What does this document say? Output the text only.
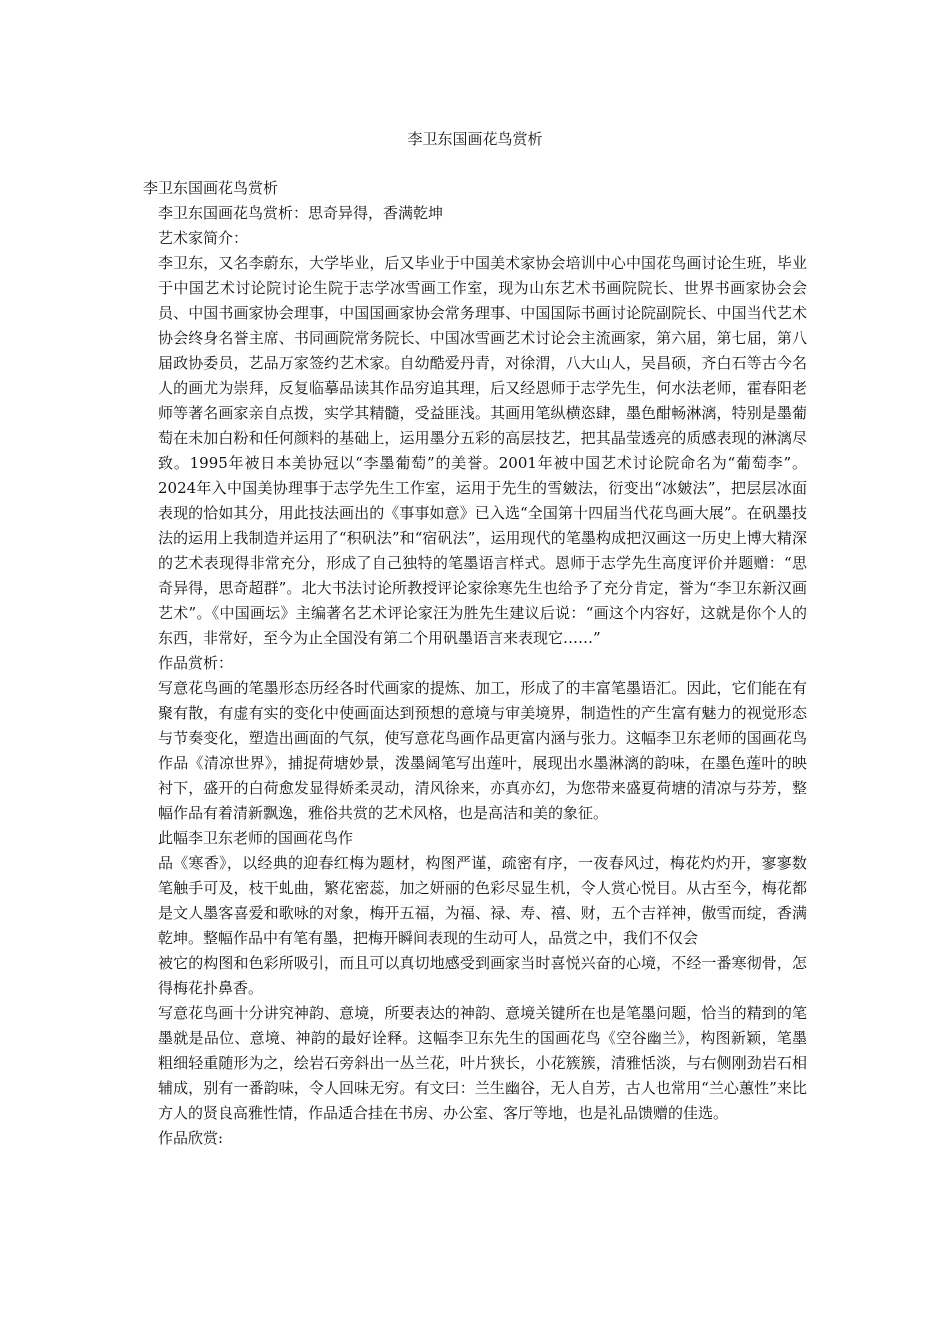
李卫东国画花鸟赏析

李卫东国画花鸟赏析

李卫东国画花鸟赏析：思奇异得，香满乾坤

艺术家简介：

李卫东，又名李蔚东，大学毕业，后又毕业于中国美术家协会培训中心中国花鸟画讨论生班，毕业于中国艺术讨论院讨论生院于志学冰雪画工作室，现为山东艺术书画院院长、世界书画家协会会员、中国书画家协会理事，中国国画家协会常务理事、中国国际书画讨论院副院长、中国当代艺术协会终身名誉主席、书同画院常务院长、中国冰雪画艺术讨论会主流画家，第六届，第七届，第八届政协委员，艺品万家签约艺术家。自幼酷爱丹青，对徐渭，八大山人，吴昌硕，齐白石等古今名人的画尤为崇拜，反复临摹品读其作品穷追其理，后又经恩师于志学先生，何水法老师，霍春阳老师等著名画家亲自点拨，实学其精髓，受益匪浅。其画用笔纵横恣肆，墨色酣畅淋漓，特别是墨葡萄在未加白粉和任何颜料的基础上，运用墨分五彩的高层技艺，把其晶莹透亮的质感表现的淋漓尽致。1995年被日本美协冠以“李墨葡萄”的美誉。2001年被中国艺术讨论院命名为“葡萄李”。2024年入中国美协理事于志学先生工作室，运用于先生的雪皴法，衍变出“冰皴法”，把层层冰面表现的恰如其分，用此技法画出的《事事如意》已入选“全国第十四届当代花鸟画大展”。在矾墨技法的运用上我制造并运用了“积矾法”和“宿矾法”，运用现代的笔墨构成把汉画这一历史上博大精深的艺术表现得非常充分，形成了自己独特的笔墨语言样式。恩师于志学先生高度评价并题赠：“思奇异得，思奇超群”。北大书法讨论所教授评论家徐寒先生也给予了充分肯定，誉为“李卫东新汉画艺术”。《中国画坛》主编著名艺术评论家汪为胜先生建议后说：“画这个内容好，这就是你个人的东西，非常好，至今为止全国没有第二个用矾墨语言来表现它……”

作品赏析：

写意花鸟画的笔墨形态历经各时代画家的提炼、加工，形成了的丰富笔墨语汇。因此，它们能在有聚有散，有虚有实的变化中使画面达到预想的意境与审美境界，制造性的产生富有魅力的视觉形态与节奏变化，塑造出画面的气氛，使写意花鸟画作品更富内涵与张力。这幅李卫东老师的国画花鸟作品《清凉世界》，捕捉荷塘妙景，泼墨阔笔写出莲叶，展现出水墨淋漓的韵味，在墨色莲叶的映衬下，盛开的白荷愈发显得娇柔灵动，清风徐来，亦真亦幻，为您带来盛夏荷塘的清凉与芬芳，整幅作品有着清新飘逸，雅俗共赏的艺术风格，也是高洁和美的象征。

此幅李卫东老师的国画花鸟作

品《寒香》，以经典的迎春红梅为题材，构图严谨，疏密有序，一夜春风过，梅花灼灼开，寥寥数笔触手可及，枝干虬曲，繁花密蕊，加之妍丽的色彩尽显生机，令人赏心悦目。从古至今，梅花都是文人墨客喜爱和歌咏的对象，梅开五福，为福、禄、寿、禧、财，五个吉祥神，傲雪而绽，香满乾坤。整幅作品中有笔有墨，把梅开瞬间表现的生动可人，品赏之中，我们不仅会

被它的构图和色彩所吸引，而且可以真切地感受到画家当时喜悦兴奋的心境，不经一番寒彻骨，怎得梅花扑鼻香。

写意花鸟画十分讲究神韵、意境，所要表达的神韵、意境关键所在也是笔墨问题，恰当的精到的笔墨就是品位、意境、神韵的最好诠释。这幅李卫东先生的国画花鸟《空谷幽兰》，构图新颖，笔墨粗细轻重随形为之，绘岩石旁斜出一丛兰花，叶片狭长，小花簇簇，清雅恬淡，与右侧刚劲岩石相辅成，别有一番韵味，令人回味无穷。有文曰：兰生幽谷，无人自芳，古人也常用“兰心蕙性”来比方人的贤良高雅性情，作品适合挂在书房、办公室、客厅等地，也是礼品馈赠的佳选。

作品欣赏:
